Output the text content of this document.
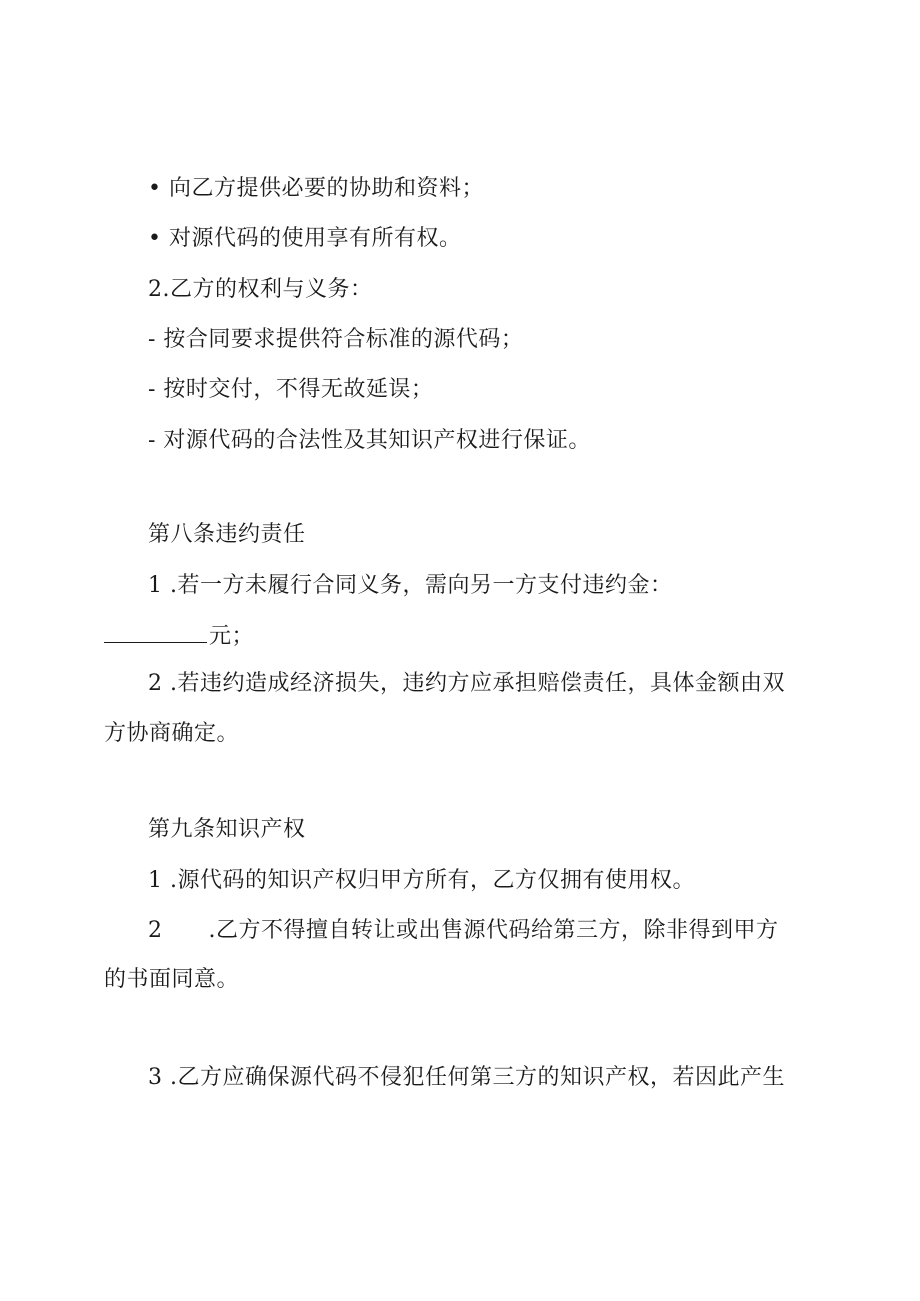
• 向乙方提供必要的协助和资料；
• 对源代码的使用享有所有权。
2.乙方的权利与义务：
- 按合同要求提供符合标准的源代码；
- 按时交付，不得无故延误；
- 对源代码的合法性及其知识产权进行保证。
第八条违约责任
1 .若一方未履行合同义务，需向另一方支付违约金：
元；
2 .若违约造成经济损失，违约方应承担赔偿责任，具体金额由双
方协商确定。
第九条知识产权
1 .源代码的知识产权归甲方所有，乙方仅拥有使用权。
2 .乙方不得擅自转让或出售源代码给第三方，除非得到甲方
的书面同意。
3 .乙方应确保源代码不侵犯任何第三方的知识产权，若因此产生
